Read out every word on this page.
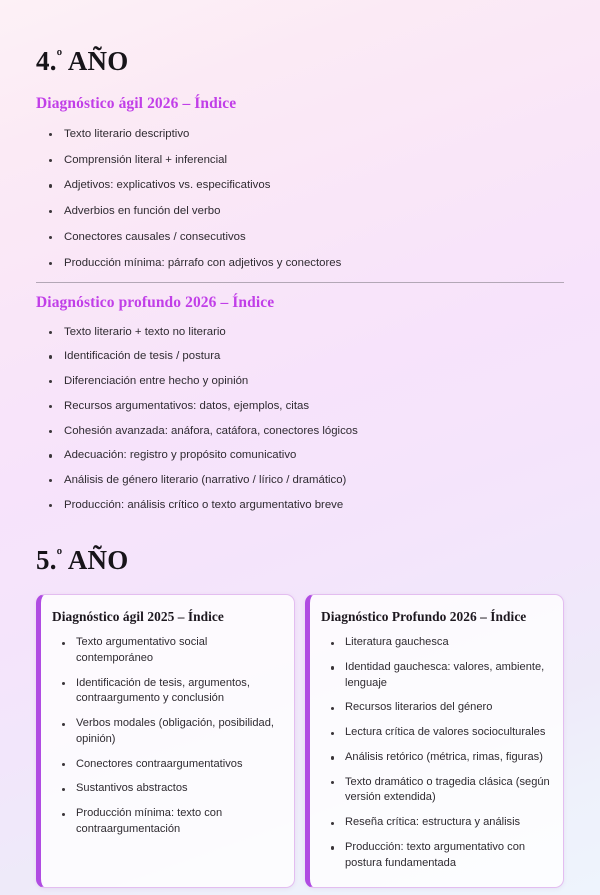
4.$^º$ AÑO
Diagnóstico ágil 2026 – Índice
Texto literario descriptivo
Comprensión literal + inferencial
Adjetivos: explicativos vs. especificativos
Adverbios en función del verbo
Conectores causales / consecutivos
Producción mínima: párrafo con adjetivos y conectores
Diagnóstico profundo 2026 – Índice
Texto literario + texto no literario
Identificación de tesis / postura
Diferenciación entre hecho y opinión
Recursos argumentativos: datos, ejemplos, citas
Cohesión avanzada: anáfora, catáfora, conectores lógicos
Adecuación: registro y propósito comunicativo
Análisis de género literario (narrativo / lírico / dramático)
Producción: análisis crítico o texto argumentativo breve
5.$^º$ AÑO
Diagnóstico ágil 2025 – Índice
Texto argumentativo social contemporáneo
Identificación de tesis, argumentos, contraargumento y conclusión
Verbos modales (obligación, posibilidad, opinión)
Conectores contraargumentativos
Sustantivos abstractos
Producción mínima: texto con contraargumentación
Diagnóstico Profundo 2026 – Índice
Literatura gauchesca
Identidad gauchesca: valores, ambiente, lenguaje
Recursos literarios del género
Lectura crítica de valores socioculturales
Análisis retórico (métrica, rimas, figuras)
Texto dramático o tragedia clásica (según versión extendida)
Reseña crítica: estructura y análisis
Producción: texto argumentativo con postura fundamentada
